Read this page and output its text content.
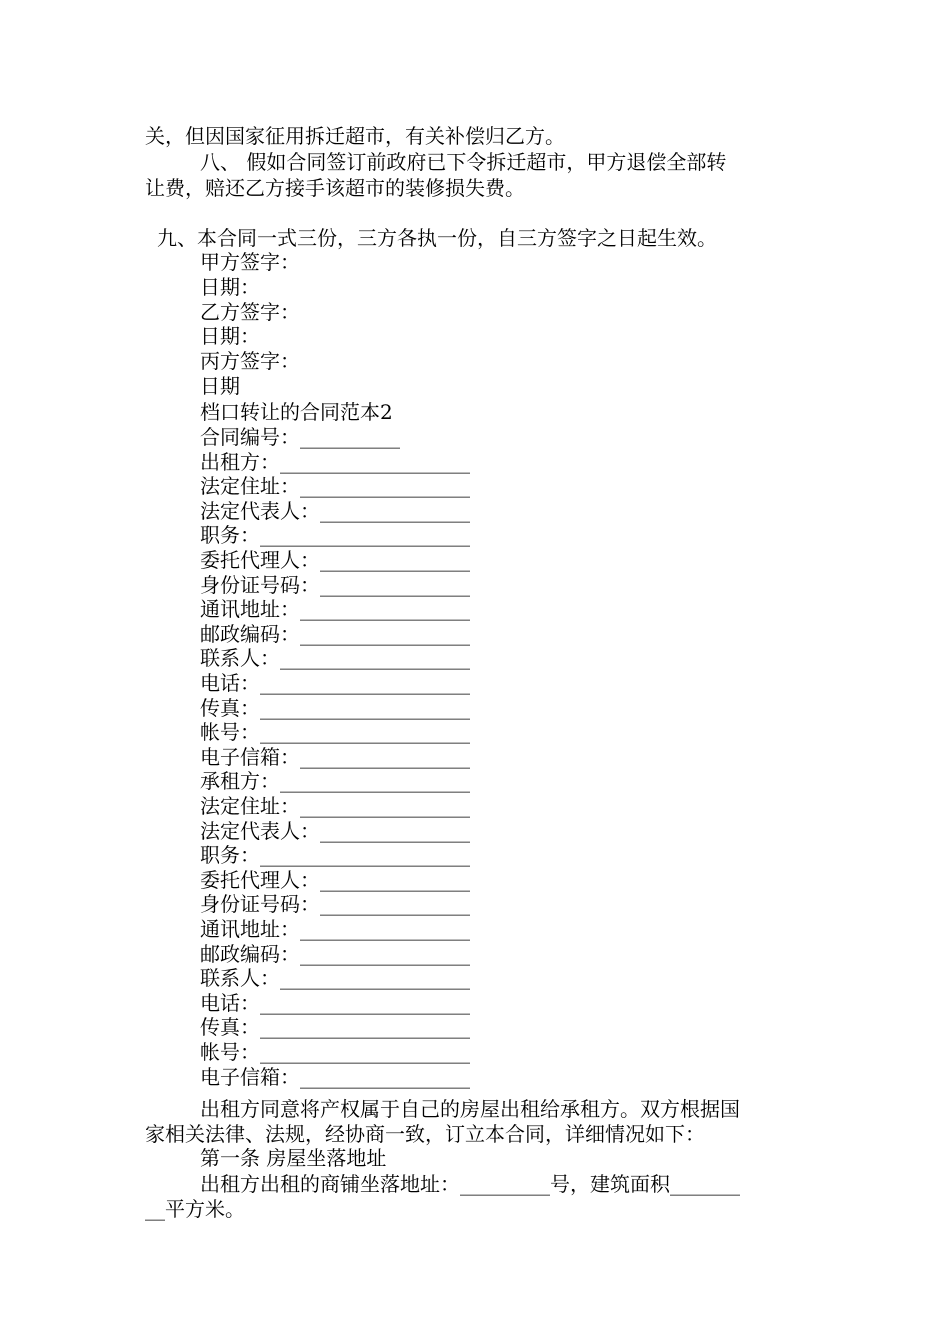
关，但因国家征用拆迁超市，有关补偿归乙方。
八、 假如合同签订前政府已下令拆迁超市，甲方退偿全部转
让费，赔还乙方接手该超市的装修损失费。
九、本合同一式三份，三方各执一份，自三方签字之日起生效。
档口转让的合同范本2
出租方同意将产权属于自己的房屋出租给承租方。双方根据国
家相关法律、法规，经协商一致，订立本合同，详细情况如下：
第一条 房屋坐落地址
出租方出租的商铺坐落地址：_________号，建筑面积_______
__平方米。
甲方签字：
日期：
乙方签字：
日期：
丙方签字：
日期
合同编号：__________
出租方：___________________
法定住址：_________________
法定代表人：_______________
职务：_____________________
委托代理人：_______________
身份证号码：_______________
通讯地址：_________________
邮政编码：_________________
联系人：___________________
电话：_____________________
传真：_____________________
帐号：_____________________
电子信箱：_________________
承租方：___________________
法定住址：_________________
法定代表人：_______________
职务：_____________________
委托代理人：_______________
身份证号码：_______________
通讯地址：_________________
邮政编码：_________________
联系人：___________________
电话：_____________________
传真：_____________________
帐号：_____________________
电子信箱：_________________
